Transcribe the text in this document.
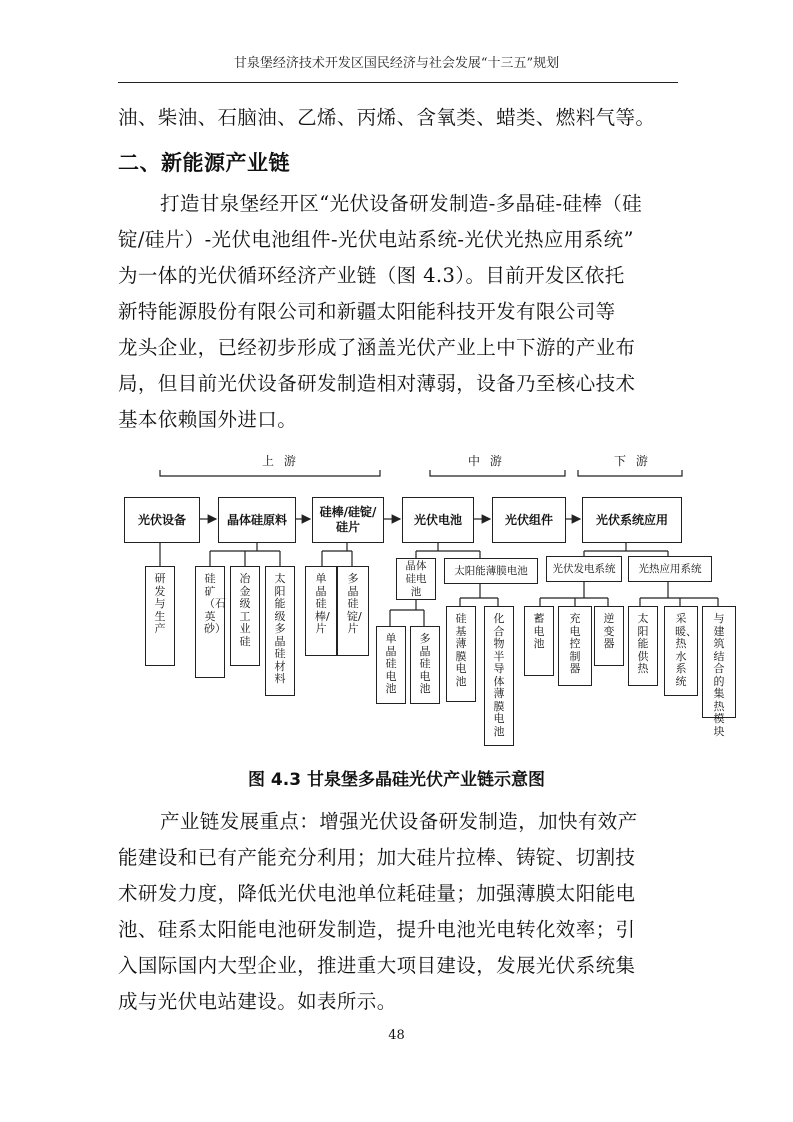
甘泉堡经济技术开发区国民经济与社会发展“十三五”规划
油、柴油、石脑油、乙烯、丙烯、含氧类、蜡类、燃料气等。
二、新能源产业链
打造甘泉堡经开区“光伏设备研发制造-多晶硅-硅棒（硅
锭/硅片）-光伏电池组件-光伏电站系统-光伏光热应用系统”
为一体的光伏循环经济产业链（图 4.3）。目前开发区依托
新特能源股份有限公司和新疆太阳能科技开发有限公司等
龙头企业，已经初步形成了涵盖光伏产业上中下游的产业布
局，但目前光伏设备研发制造相对薄弱，设备乃至核心技术
基本依赖国外进口。
上 游	中 游	下 游
光伏设备	晶体硅原料
硅棒/硅锭/硅片
光伏电池	光伏组件	光伏系统应用
研发与生产
硅矿（石英砂）
冶金级工业硅
太阳能级多晶硅材料
单晶硅棒/片
多晶硅锭/片
晶体硅电池
太阳能薄膜电池
单晶硅电池
多晶硅电池
硅基薄膜电池
化合物半导体薄膜电池
光伏发电系统	光热应用系统
蓄电池
充电控制器
逆变器
太阳能供热
采暖、热水系统
与建筑结合的集热模块
图 4.3 甘泉堡多晶硅光伏产业链示意图
产业链发展重点：增强光伏设备研发制造，加快有效产
能建设和已有产能充分利用；加大硅片拉棒、铸锭、切割技
术研发力度，降低光伏电池单位耗硅量；加强薄膜太阳能电
池、硅系太阳能电池研发制造，提升电池光电转化效率；引
入国际国内大型企业，推进重大项目建设，发展光伏系统集
成与光伏电站建设。如表所示。
48
